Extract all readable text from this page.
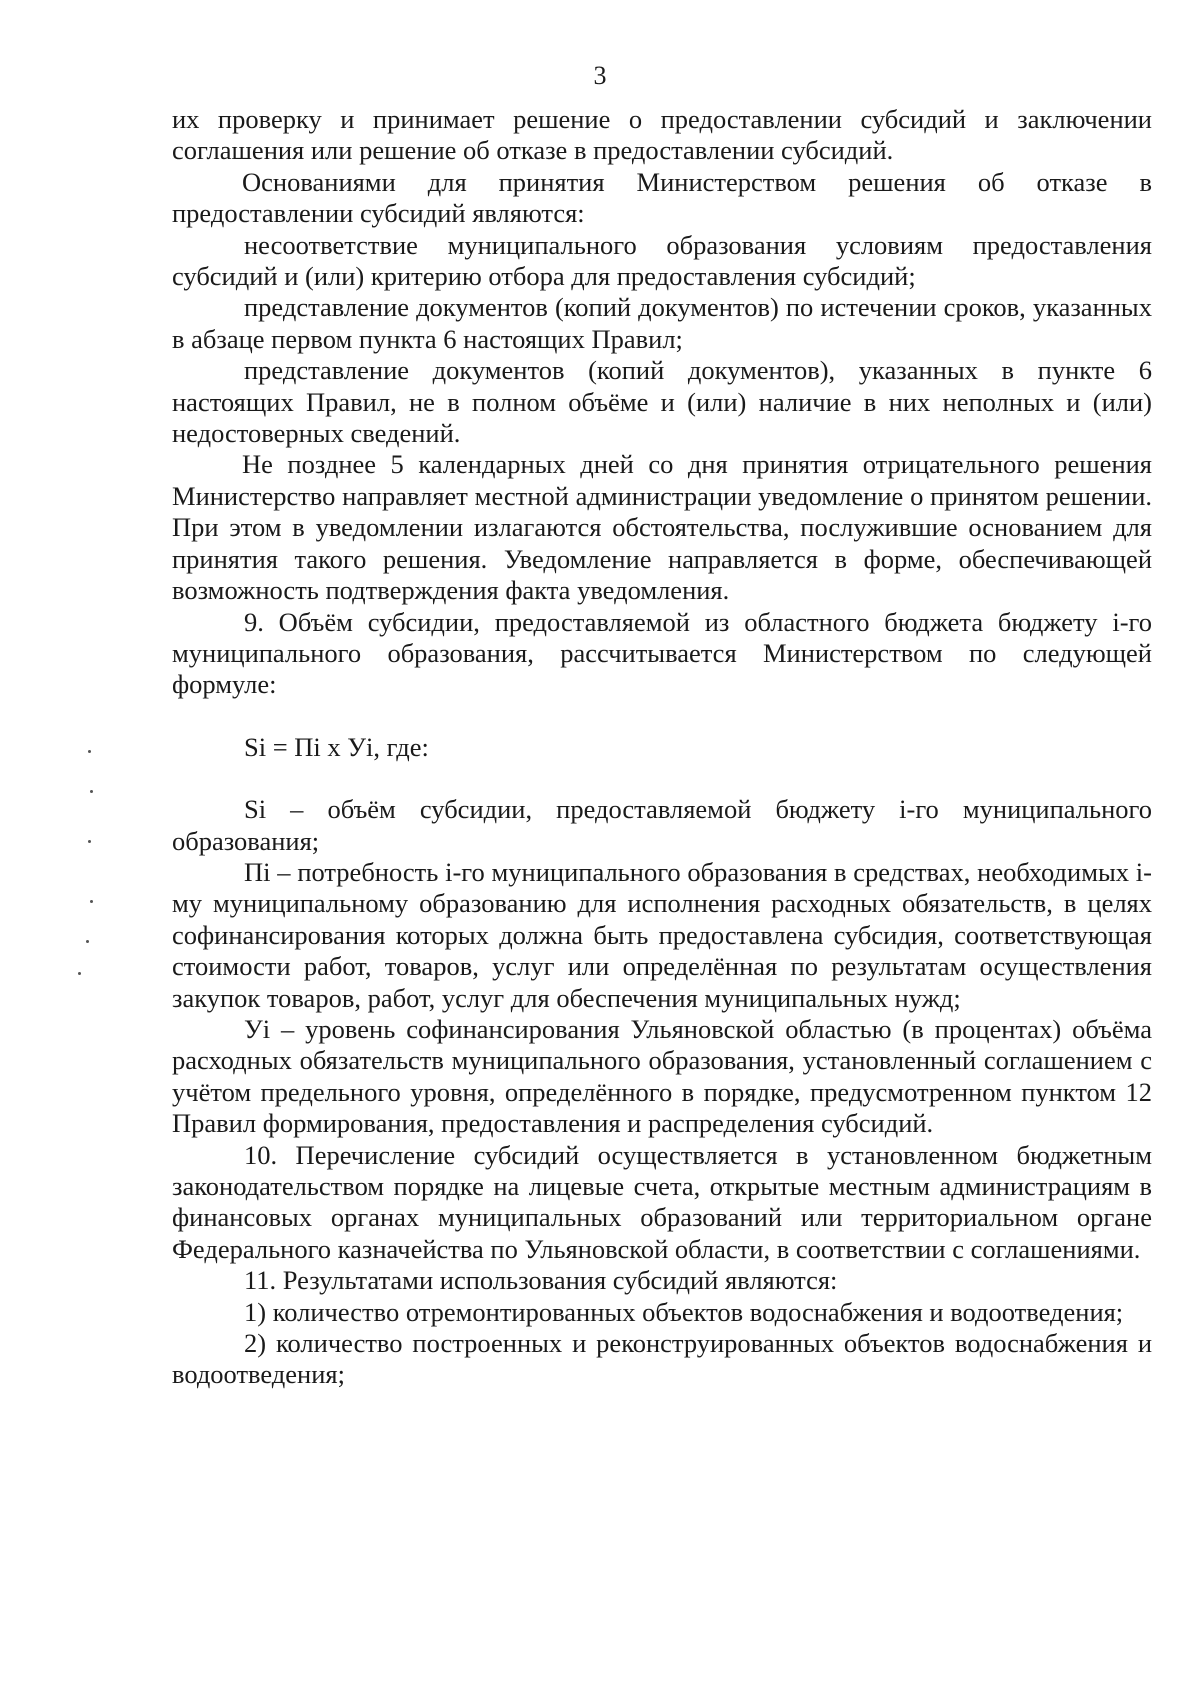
3

их проверку и принимает решение о предоставлении субсидий и заключении соглашения или решение об отказе в предоставлении субсидий.

Основаниями для принятия Министерством решения об отказе в предоставлении субсидий являются:

несоответствие муниципального образования условиям предоставления субсидий и (или) критерию отбора для предоставления субсидий;

представление документов (копий документов) по истечении сроков, указанных в абзаце первом пункта 6 настоящих Правил;

представление документов (копий документов), указанных в пункте 6 настоящих Правил, не в полном объёме и (или) наличие в них неполных и (или) недостоверных сведений.

Не позднее 5 календарных дней со дня принятия отрицательного решения Министерство направляет местной администрации уведомление о принятом решении. При этом в уведомлении излагаются обстоятельства, послужившие основанием для принятия такого решения. Уведомление направляется в форме, обеспечивающей возможность подтверждения факта уведомления.

9. Объём субсидии, предоставляемой из областного бюджета бюджету i-го муниципального образования, рассчитывается Министерством по следующей формуле:

Si = Пi х Уi, где:

Si – объём субсидии, предоставляемой бюджету i-го муниципального образования;

Пi – потребность i-го муниципального образования в средствах, необходимых i-му муниципальному образованию для исполнения расходных обязательств, в целях софинансирования которых должна быть предоставлена субсидия, соответствующая стоимости работ, товаров, услуг или определённая по результатам осуществления закупок товаров, работ, услуг для обеспечения муниципальных нужд;

Уi – уровень софинансирования Ульяновской областью (в процентах) объёма расходных обязательств муниципального образования, установленный соглашением с учётом предельного уровня, определённого в порядке, предусмотренном пунктом 12 Правил формирования, предоставления и распределения субсидий.

10. Перечисление субсидий осуществляется в установленном бюджетным законодательством порядке на лицевые счета, открытые местным администрациям в финансовых органах муниципальных образований или территориальном органе Федерального казначейства по Ульяновской области, в соответствии с соглашениями.

11. Результатами использования субсидий являются:

1) количество отремонтированных объектов водоснабжения и водоотведения;

2) количество построенных и реконструированных объектов водоснабжения и водоотведения;
